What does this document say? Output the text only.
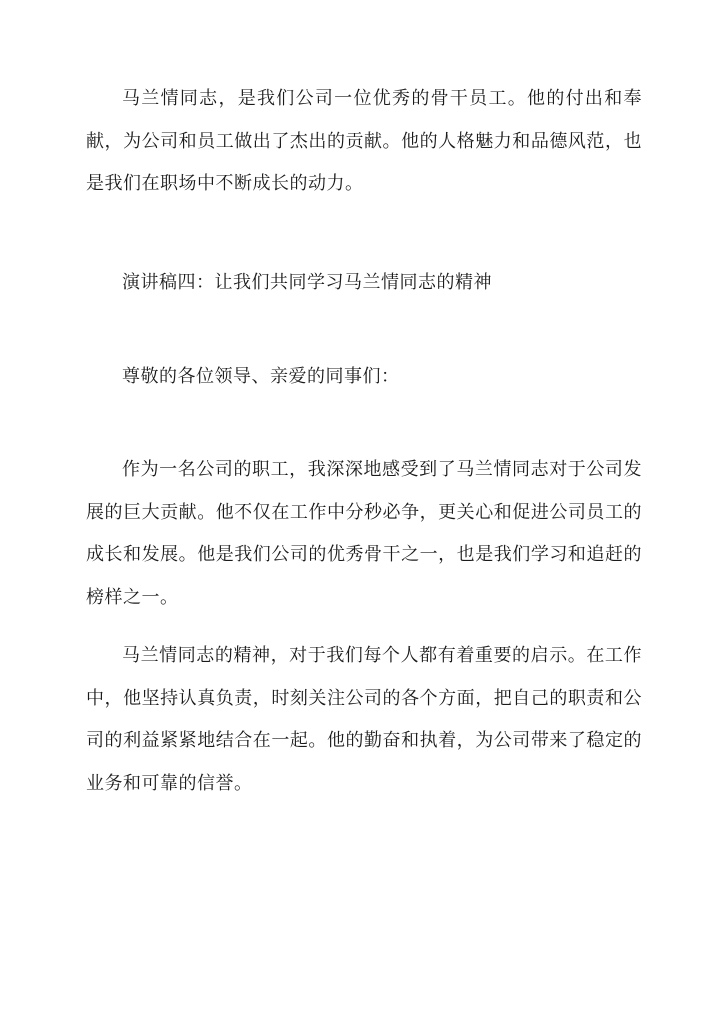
马兰情同志，是我们公司一位优秀的骨干员工。他的付出和奉献，为公司和员工做出了杰出的贡献。他的人格魅力和品德风范，也是我们在职场中不断成长的动力。

演讲稿四：让我们共同学习马兰情同志的精神

尊敬的各位领导、亲爱的同事们：

作为一名公司的职工，我深深地感受到了马兰情同志对于公司发展的巨大贡献。他不仅在工作中分秒必争，更关心和促进公司员工的成长和发展。他是我们公司的优秀骨干之一，也是我们学习和追赶的榜样之一。

马兰情同志的精神，对于我们每个人都有着重要的启示。在工作中，他坚持认真负责，时刻关注公司的各个方面，把自己的职责和公司的利益紧紧地结合在一起。他的勤奋和执着，为公司带来了稳定的业务和可靠的信誉。
